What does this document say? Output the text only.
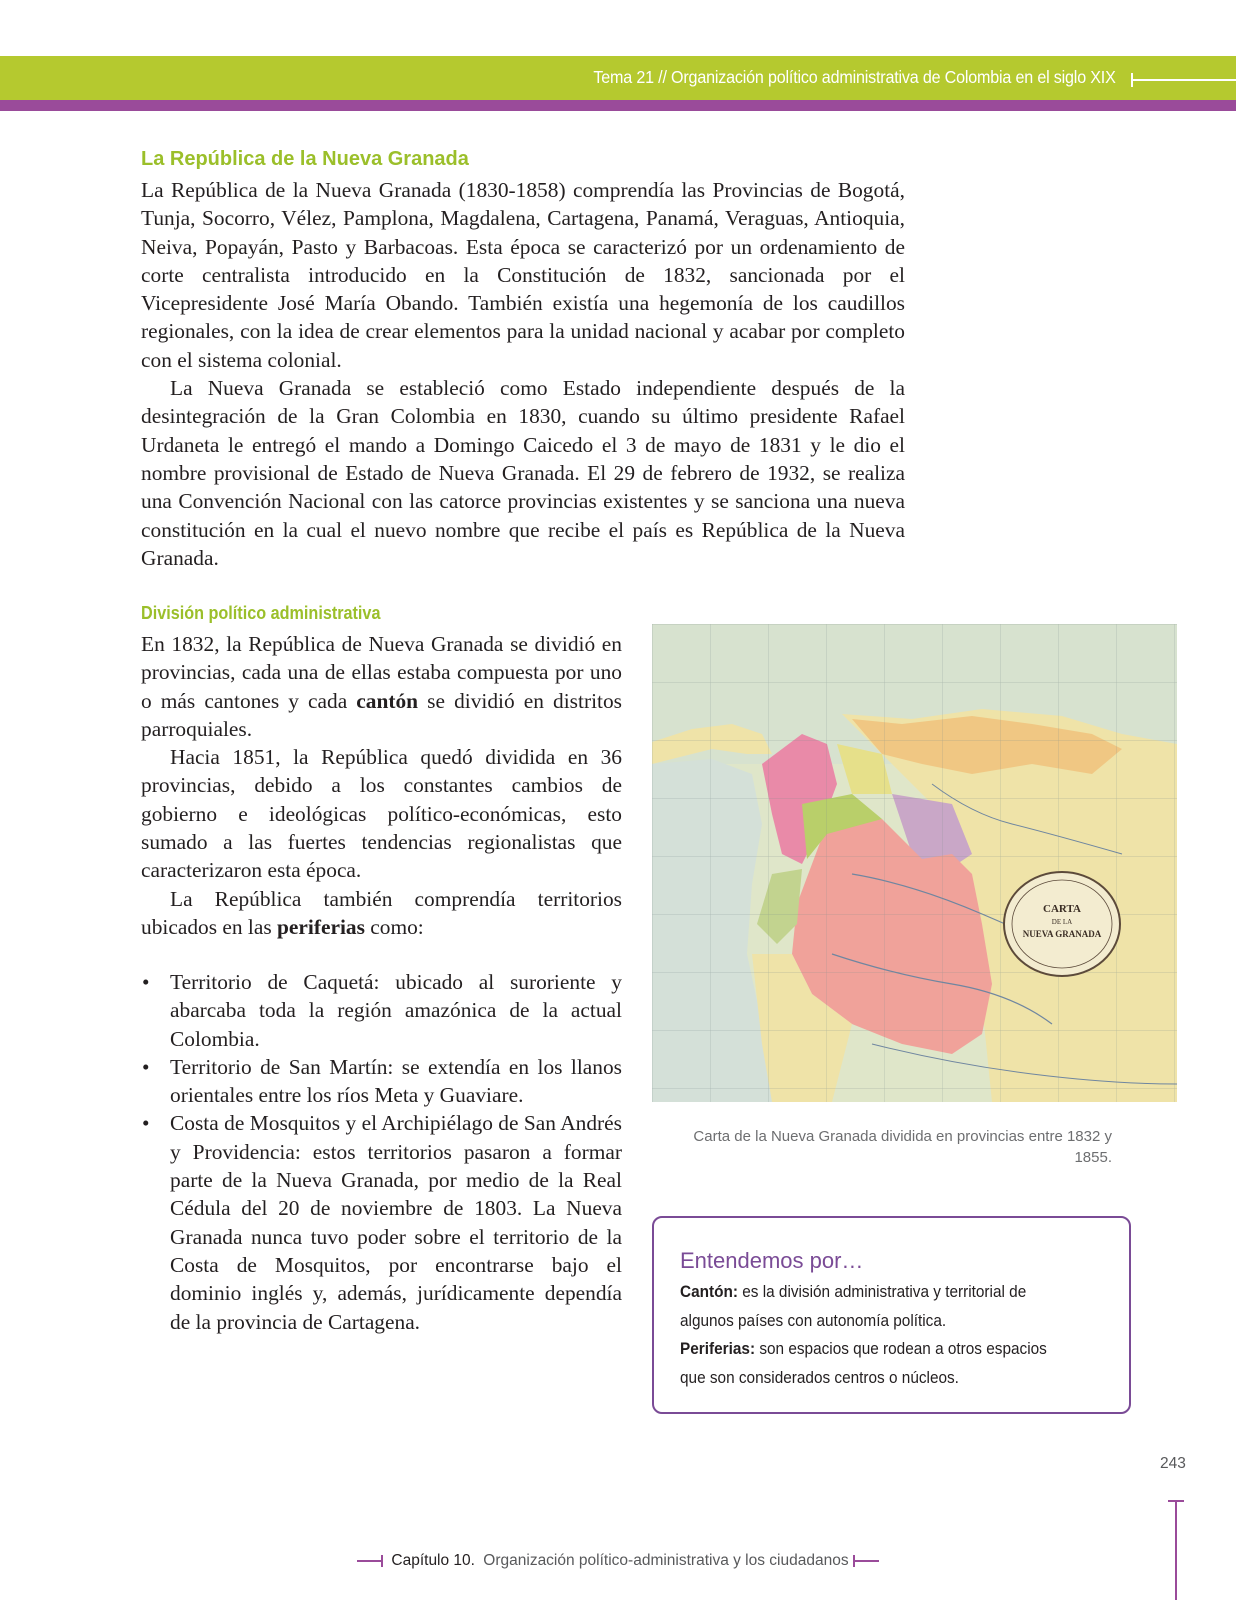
Tema 21 // Organización político administrativa de Colombia en el siglo XIX
La República de la Nueva Granada

La República de la Nueva Granada (1830-1858) comprendía las Provincias de Bogotá, Tunja, Socorro, Vélez, Pamplona, Magdalena, Cartagena, Panamá, Veraguas, Antioquia, Neiva, Popayán, Pasto y Barbacoas. Esta época se caracterizó por un ordenamiento de corte centralista introducido en la Constitución de 1832, sancionada por el Vicepresidente José María Obando. También existía una hegemonía de los caudillos regionales, con la idea de crear elementos para la unidad nacional y acabar por completo con el sistema colonial.

La Nueva Granada se estableció como Estado independiente después de la desintegración de la Gran Colombia en 1830, cuando su último presidente Rafael Urdaneta le entregó el mando a Domingo Caicedo el 3 de mayo de 1831 y le dio el nombre provisional de Estado de Nueva Granada. El 29 de febrero de 1932, se realiza una Convención Nacional con las catorce provincias existentes y se sanciona una nueva constitución en la cual el nuevo nombre que recibe el país es República de la Nueva Granada.

División político administrativa

En 1832, la República de Nueva Granada se dividió en provincias, cada una de ellas estaba compuesta por uno o más cantones y cada cantón se dividió en distritos parroquiales.

Hacia 1851, la República quedó dividida en 36 provincias, debido a los constantes cambios de gobierno e ideológicas político-económicas, esto sumado a las fuertes tendencias regionalistas que caracterizaron esta época.

La República también comprendía territorios ubicados en las periferias como:

• Territorio de Caquetá: ubicado al suroriente y abarcaba toda la región amazónica de la actual Colombia.
• Territorio de San Martín: se extendía en los llanos orientales entre los ríos Meta y Guaviare.
• Costa de Mosquitos y el Archipiélago de San Andrés y Providencia: estos territorios pasaron a formar parte de la Nueva Granada, por medio de la Real Cédula del 20 de noviembre de 1803. La Nueva Granada nunca tuvo poder sobre el territorio de la Costa de Mosquitos, por encontrarse bajo el dominio inglés y, además, jurídicamente dependía de la provincia de Cartagena.
CARTA
DE LA
NUEVA GRANADA
Carta de la Nueva Granada dividida en provincias entre 1832 y 1855.
Entendemos por…
Cantón: es la división administrativa y territorial de
algunos países con autonomía política.
Periferias: son espacios que rodean a otros espacios
que son considerados centros o núcleos.
243
Capítulo 10. Organización político-administrativa y los ciudadanos
